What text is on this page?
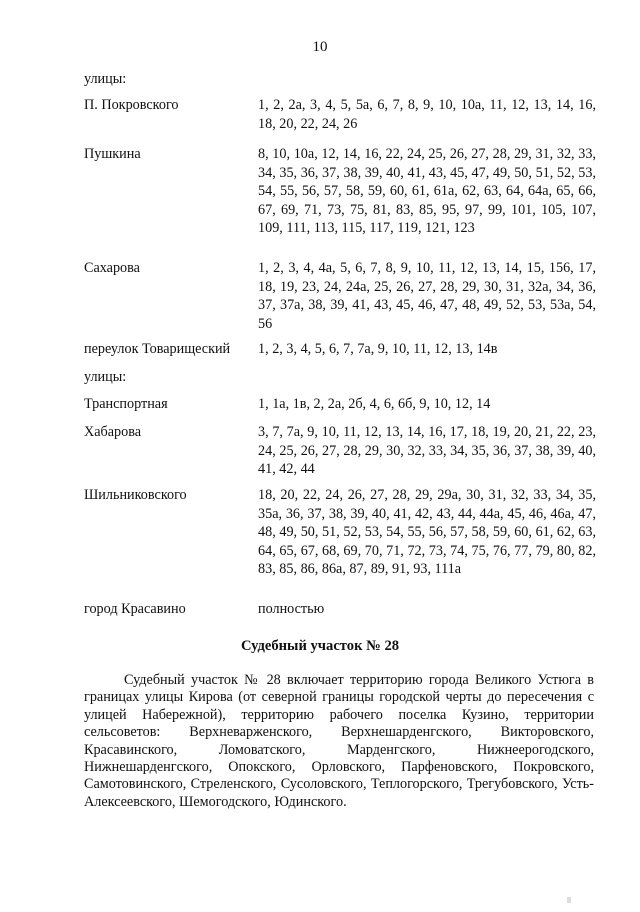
10
улицы:
П. Покровского	1, 2, 2а, 3, 4, 5, 5а, 6, 7, 8, 9, 10, 10а, 11, 12, 13, 14, 16, 18, 20, 22, 24, 26
Пушкина	8, 10, 10а, 12, 14, 16, 22, 24, 25, 26, 27, 28, 29, 31, 32, 33, 34, 35, 36, 37, 38, 39, 40, 41, 43, 45, 47, 49, 50, 51, 52, 53, 54, 55, 56, 57, 58, 59, 60, 61, 61а, 62, 63, 64, 64а, 65, 66, 67, 69, 71, 73, 75, 81, 83, 85, 95, 97, 99, 101, 105, 107, 109, 111, 113, 115, 117, 119, 121, 123
Сахарова	1, 2, 3, 4, 4а, 5, 6, 7, 8, 9, 10, 11, 12, 13, 14, 15, 156, 17, 18, 19, 23, 24, 24а, 25, 26, 27, 28, 29, 30, 31, 32а, 34, 36, 37, 37а, 38, 39, 41, 43, 45, 46, 47, 48, 49, 52, 53, 53а, 54, 56
переулок Товарищеский	1, 2, 3, 4, 5, 6, 7, 7а, 9, 10, 11, 12, 13, 14в
улицы:
Транспортная	1, 1а, 1в, 2, 2а, 2б, 4, 6, 6б, 9, 10, 12, 14
Хабарова	3, 7, 7а, 9, 10, 11, 12, 13, 14, 16, 17, 18, 19, 20, 21, 22, 23, 24, 25, 26, 27, 28, 29, 30, 32, 33, 34, 35, 36, 37, 38, 39, 40, 41, 42, 44
Шильниковского	18, 20, 22, 24, 26, 27, 28, 29, 29а, 30, 31, 32, 33, 34, 35, 35а, 36, 37, 38, 39, 40, 41, 42, 43, 44, 44а, 45, 46, 46а, 47, 48, 49, 50, 51, 52, 53, 54, 55, 56, 57, 58, 59, 60, 61, 62, 63, 64, 65, 67, 68, 69, 70, 71, 72, 73, 74, 75, 76, 77, 79, 80, 82, 83, 85, 86, 86а, 87, 89, 91, 93, 111а
город Красавино	полностью
Судебный участок № 28

Судебный участок № 28 включает территорию города Великого Устюга в границах улицы Кирова (от северной границы городской черты до пересечения с улицей Набережной), территорию рабочего поселка Кузино, территории сельсоветов: Верхневарженского, Верхнешарденгского, Викторовского, Красавинского, Ломоватского, Марденгского, Нижнеерогодского, Нижнешарденгского, Опокского, Орловского, Парфеновского, Покровского, Самотовинского, Стреленского, Сусоловского, Теплогорского, Трегубовского, Усть-Алексеевского, Шемогодского, Юдинского.
